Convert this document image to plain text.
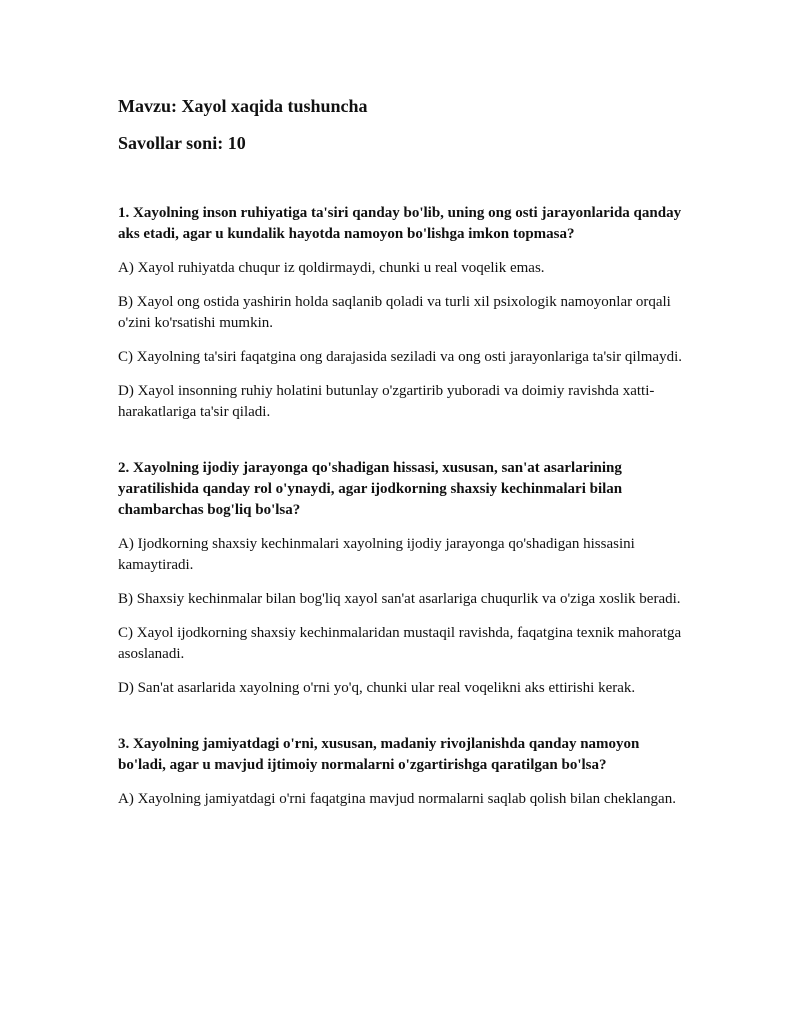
Mavzu: Xayol xaqida tushuncha
Savollar soni: 10

1. Xayolning inson ruhiyatiga ta'siri qanday bo'lib, uning ong osti jarayonlarida qanday aks etadi, agar u kundalik hayotda namoyon bo'lishga imkon topmasa?

A) Xayol ruhiyatda chuqur iz qoldirmaydi, chunki u real voqelik emas.

B) Xayol ong ostida yashirin holda saqlanib qoladi va turli xil psixologik namoyonlar orqali o'zini ko'rsatishi mumkin.

C) Xayolning ta'siri faqatgina ong darajasida seziladi va ong osti jarayonlariga ta'sir qilmaydi.

D) Xayol insonning ruhiy holatini butunlay o'zgartirib yuboradi va doimiy ravishda xatti-harakatlariga ta'sir qiladi.

2. Xayolning ijodiy jarayonga qo'shadigan hissasi, xususan, san'at asarlarining yaratilishida qanday rol o'ynaydi, agar ijodkorning shaxsiy kechinmalari bilan chambarchas bog'liq bo'lsa?

A) Ijodkorning shaxsiy kechinmalari xayolning ijodiy jarayonga qo'shadigan hissasini kamaytiradi.

B) Shaxsiy kechinmalar bilan bog'liq xayol san'at asarlariga chuqurlik va o'ziga xoslik beradi.

C) Xayol ijodkorning shaxsiy kechinmalaridan mustaqil ravishda, faqatgina texnik mahoratga asoslanadi.

D) San'at asarlarida xayolning o'rni yo'q, chunki ular real voqelikni aks ettirishi kerak.

3. Xayolning jamiyatdagi o'rni, xususan, madaniy rivojlanishda qanday namoyon bo'ladi, agar u mavjud ijtimoiy normalarni o'zgartirishga qaratilgan bo'lsa?

A) Xayolning jamiyatdagi o'rni faqatgina mavjud normalarni saqlab qolish bilan cheklangan.
